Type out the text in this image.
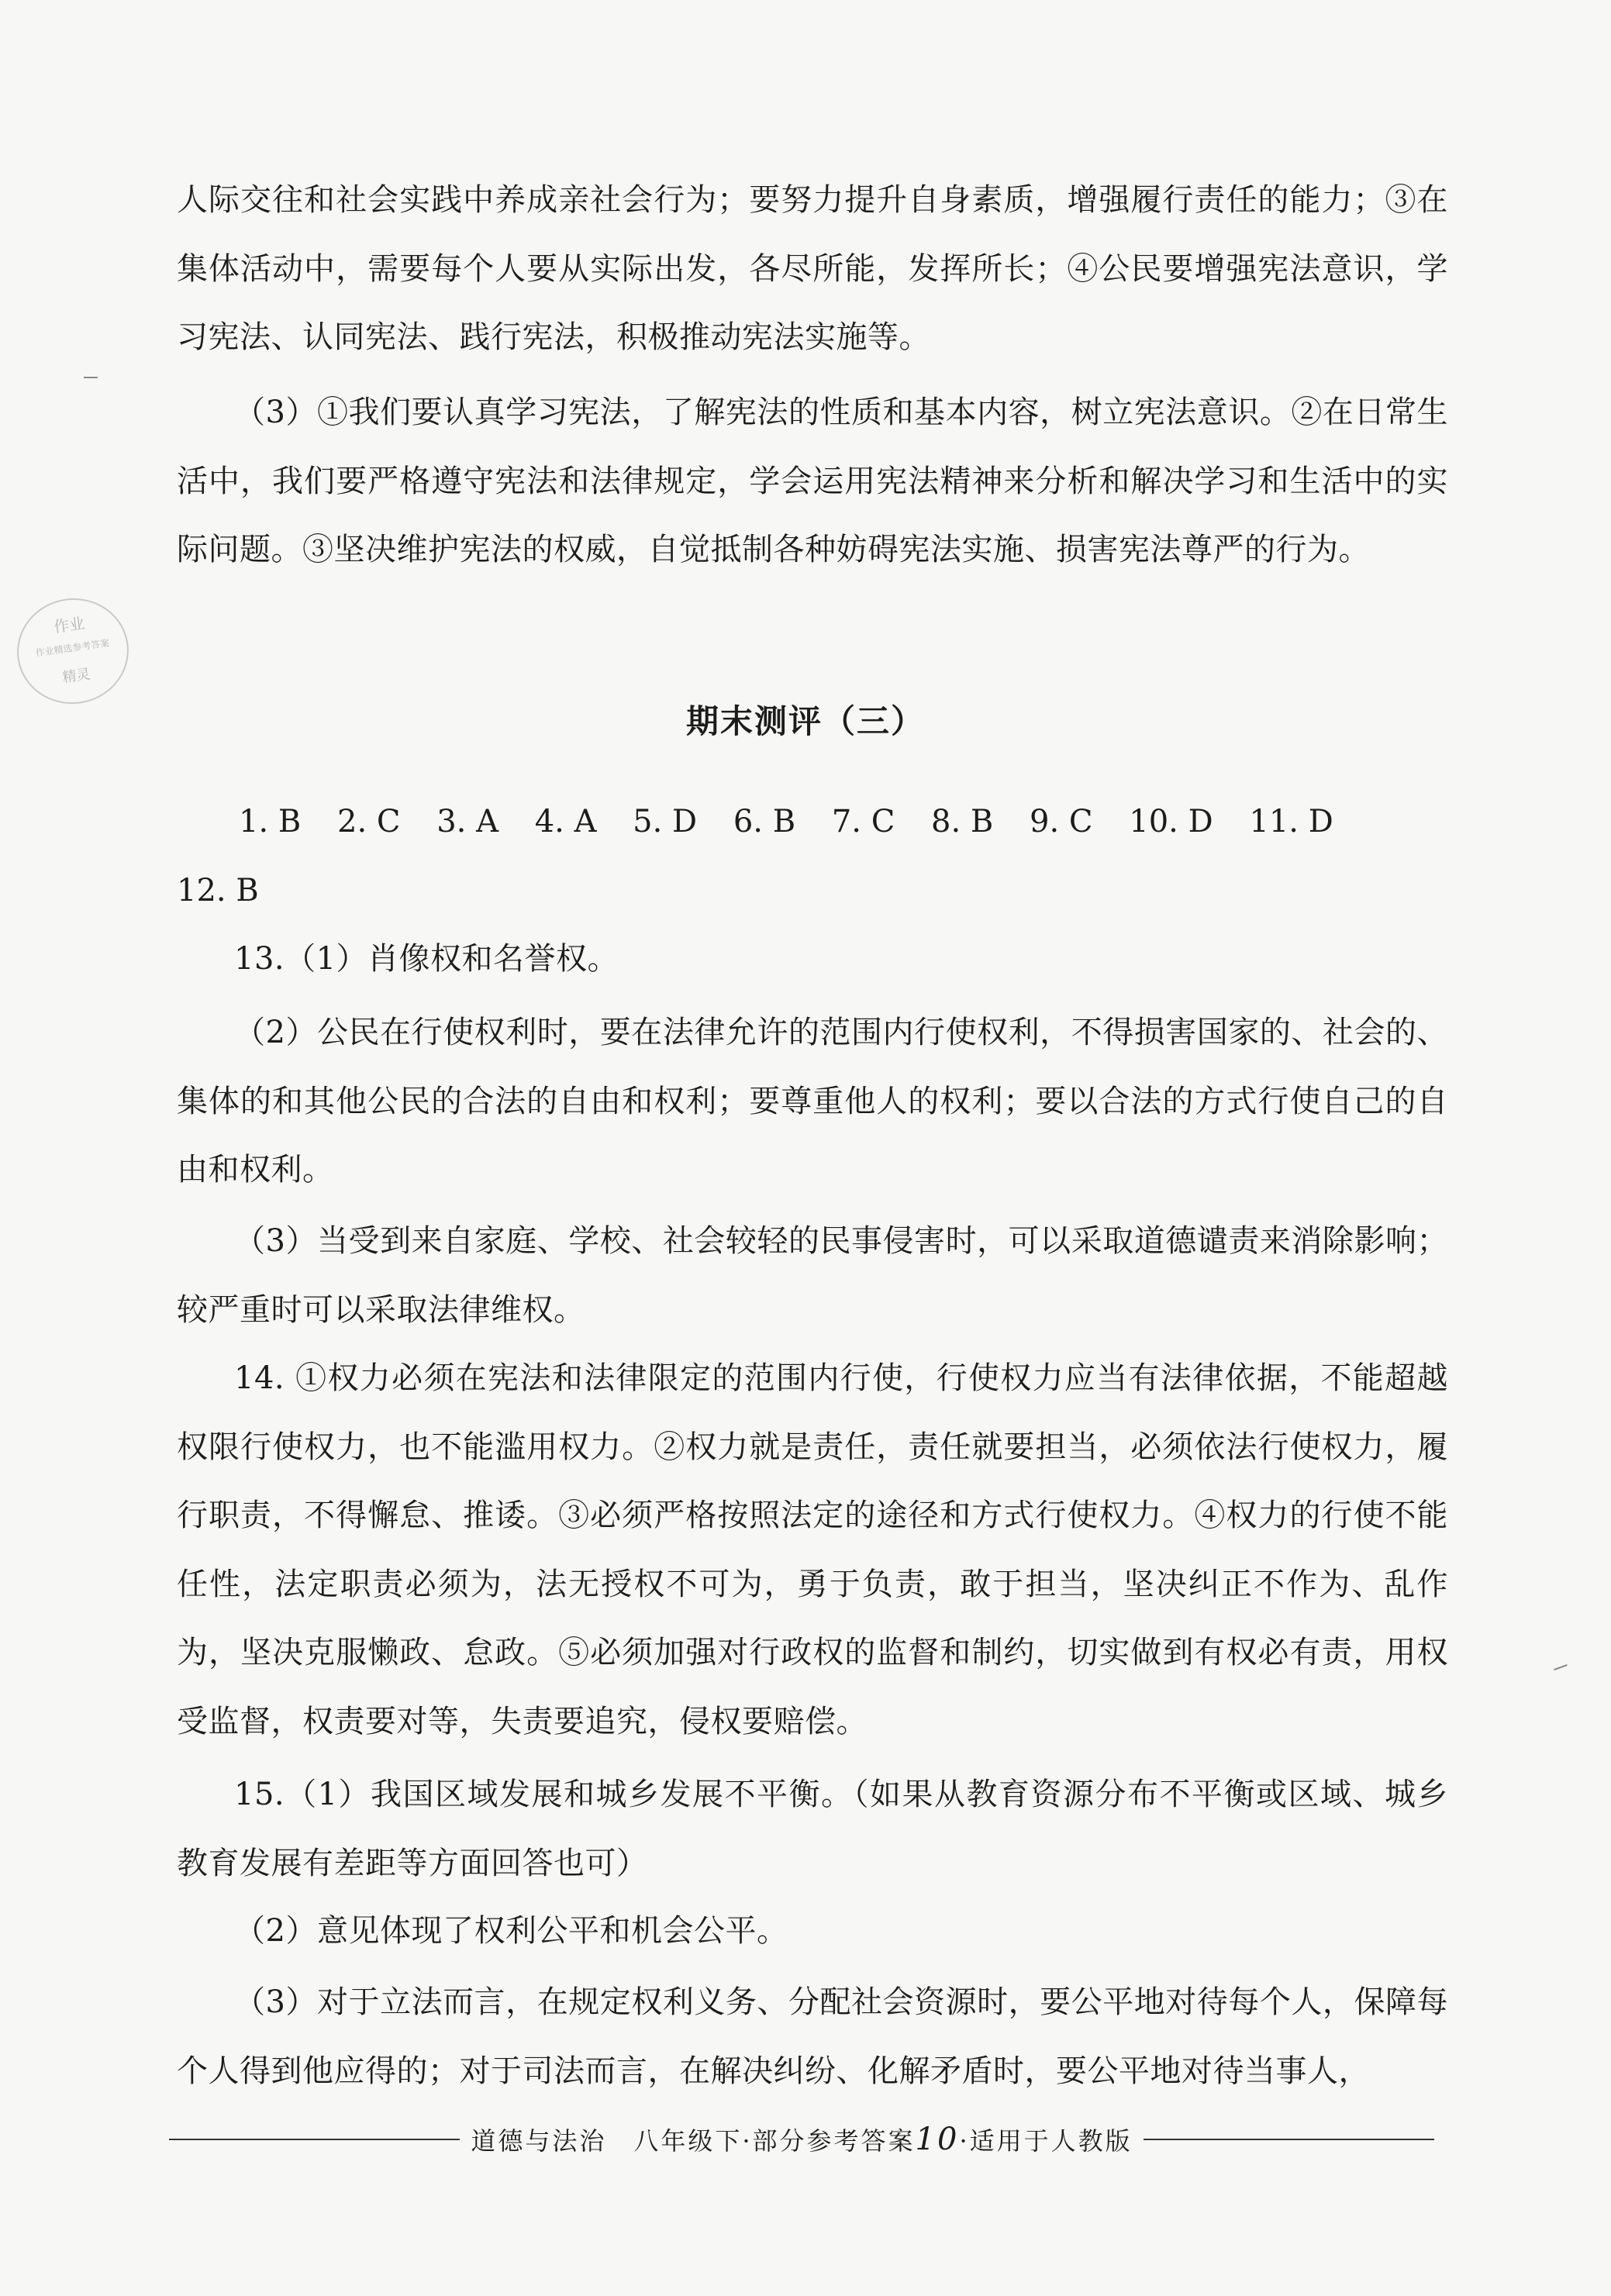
人际交往和社会实践中养成亲社会行为；要努力提升自身素质，增强履行责任的能力；③在集体活动中，需要每个人要从实际出发，各尽所能，发挥所长；④公民要增强宪法意识，学习宪法、认同宪法、践行宪法，积极推动宪法实施等。

（3）①我们要认真学习宪法，了解宪法的性质和基本内容，树立宪法意识。②在日常生活中，我们要严格遵守宪法和法律规定，学会运用宪法精神来分析和解决学习和生活中的实际问题。③坚决维护宪法的权威，自觉抵制各种妨碍宪法实施、损害宪法尊严的行为。

作业
作业精选参考答案
精灵
期末测评（三）
1. B 2. C 3. A 4. A 5. D 6. B 7. C 8. B 9. C 10. D 11. D
12. B

13.（1）肖像权和名誉权。

（2）公民在行使权利时，要在法律允许的范围内行使权利，不得损害国家的、社会的、集体的和其他公民的合法的自由和权利；要尊重他人的权利；要以合法的方式行使自己的自由和权利。

（3）当受到来自家庭、学校、社会较轻的民事侵害时，可以采取道德谴责来消除影响；较严重时可以采取法律维权。

14. ①权力必须在宪法和法律限定的范围内行使，行使权力应当有法律依据，不能超越权限行使权力，也不能滥用权力。②权力就是责任，责任就要担当，必须依法行使权力，履行职责，不得懈怠、推诿。③必须严格按照法定的途径和方式行使权力。④权力的行使不能任性，法定职责必须为，法无授权不可为，勇于负责，敢于担当，坚决纠正不作为、乱作为，坚决克服懒政、怠政。⑤必须加强对行政权的监督和制约，切实做到有权必有责，用权受监督，权责要对等，失责要追究，侵权要赔偿。

15.（1）我国区域发展和城乡发展不平衡。（如果从教育资源分布不平衡或区域、城乡教育发展有差距等方面回答也可）

（2）意见体现了权利公平和机会公平。

（3）对于立法而言，在规定权利义务、分配社会资源时，要公平地对待每个人，保障每个人得到他应得的；对于司法而言，在解决纠纷、化解矛盾时，要公平地对待当事人，

道德与法治　八年级下·部分参考答案10·适用于人教版
